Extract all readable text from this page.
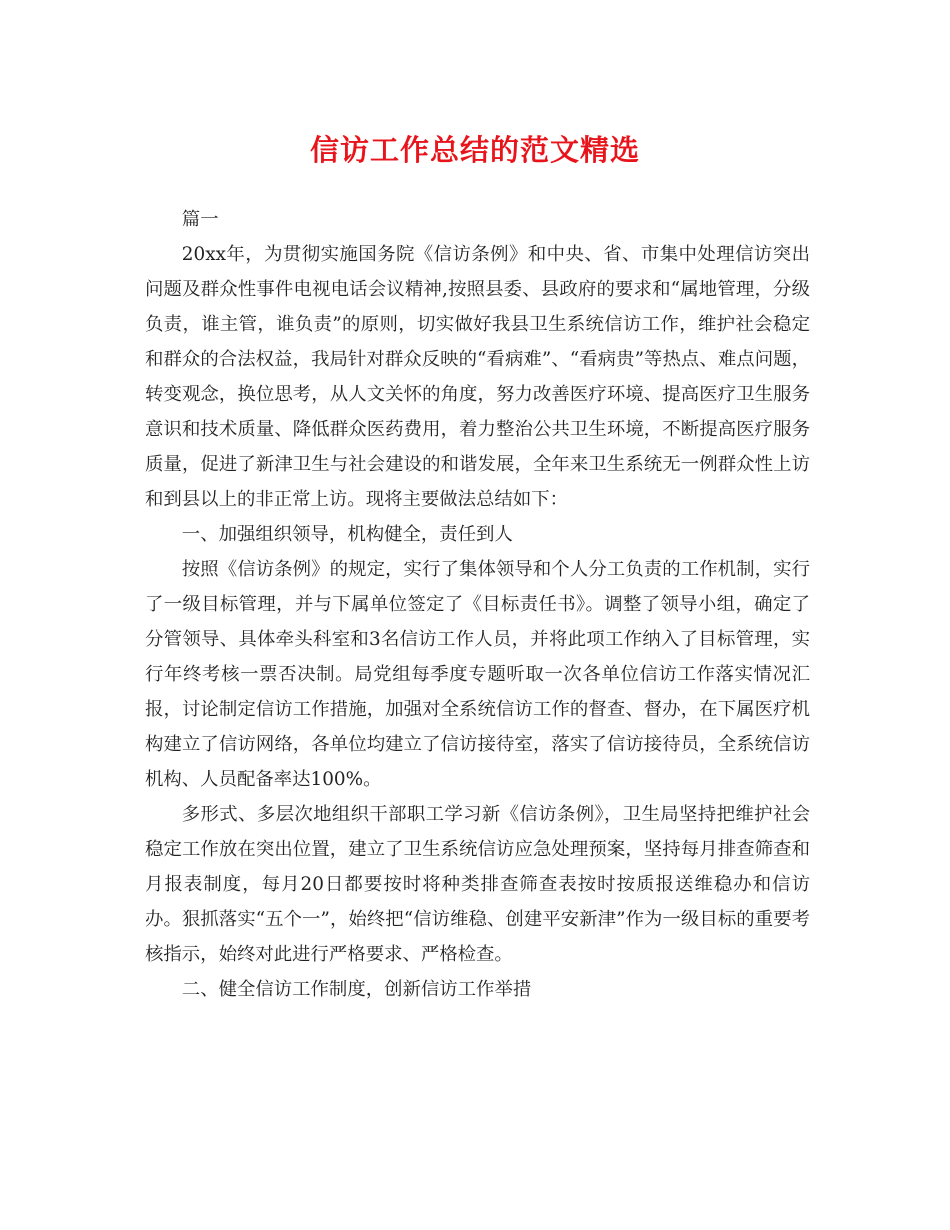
信访工作总结的范文精选

篇一

20xx年，为贯彻实施国务院《信访条例》和中央、省、市集中处理信访突出问题及群众性事件电视电话会议精神,按照县委、县政府的要求和“属地管理，分级负责，谁主管，谁负责”的原则，切实做好我县卫生系统信访工作，维护社会稳定和群众的合法权益，我局针对群众反映的“看病难”、“看病贵”等热点、难点问题，转变观念，换位思考，从人文关怀的角度，努力改善医疗环境、提高医疗卫生服务意识和技术质量、降低群众医药费用，着力整治公共卫生环境，不断提高医疗服务质量，促进了新津卫生与社会建设的和谐发展，全年来卫生系统无一例群众性上访和到县以上的非正常上访。现将主要做法总结如下：

一、加强组织领导，机构健全，责任到人

按照《信访条例》的规定，实行了集体领导和个人分工负责的工作机制，实行了一级目标管理，并与下属单位签定了《目标责任书》。调整了领导小组，确定了分管领导、具体牵头科室和3名信访工作人员，并将此项工作纳入了目标管理，实行年终考核一票否决制。局党组每季度专题听取一次各单位信访工作落实情况汇报，讨论制定信访工作措施，加强对全系统信访工作的督查、督办，在下属医疗机构建立了信访网络，各单位均建立了信访接待室，落实了信访接待员，全系统信访机构、人员配备率达100%。

多形式、多层次地组织干部职工学习新《信访条例》，卫生局坚持把维护社会稳定工作放在突出位置，建立了卫生系统信访应急处理预案，坚持每月排查筛查和月报表制度，每月20日都要按时将种类排查筛查表按时按质报送维稳办和信访办。狠抓落实“五个一”，始终把“信访维稳、创建平安新津”作为一级目标的重要考核指示，始终对此进行严格要求、严格检查。

二、健全信访工作制度，创新信访工作举措
